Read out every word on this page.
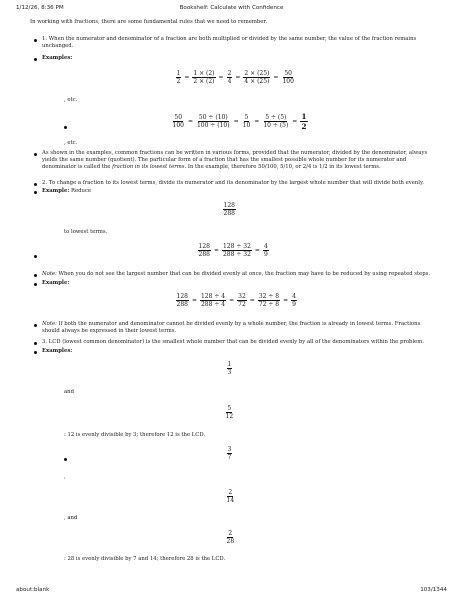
1/12/26, 8:36 PM	Bookshelf: Calculate with Confidence
In working with fractions, there are some fundamental rules that we need to remember.
1. When the numerator and denominator of a fraction are both multiplied or divided by the same number, the value of the fraction remains
unchanged.
Examples:
$\frac{1}{2} = \frac{1 \times (2)}{2 \times (2)} = \frac{2}{4} = \frac{2 \times (25)}{4 \times (25)} = \frac{50}{100}$
, etc.
$\frac{50}{100} = \frac{50 \div (10)}{100 \div (10)} = \frac{5}{10} = \frac{5 \div (5)}{10 \div (5)} = \frac{1}{2}$
, etc.
As shown in the examples, common fractions can be written in various forms, provided that the numerator, divided by the denominator, always
yields the same number (quotient). The particular form of a fraction that has the smallest possible whole number for its numerator and
denominator is called the fraction in its lowest terms. In the example, therefore 50/100, 5/10, or 2/4 is 1/2 in its lowest terms.
2. To change a fraction to its lowest terms, divide its numerator and its denominator by the largest whole number that will divide both evenly.
Example: Reduce
$\frac{128}{288}$
to lowest terms.
$\frac{128}{288} = \frac{128 \div 32}{288 \div 32} = \frac{4}{9}$
Note: When you do not see the largest number that can be divided evenly at once, the fraction may have to be reduced by using repeated steps.
Example:
$\frac{128}{288} = \frac{128 \div 4}{288 \div 4} = \frac{32}{72} = \frac{32 \div 8}{72 \div 8} = \frac{4}{9}$
Note: If both the numerator and denominator cannot be divided evenly by a whole number, the fraction is already in lowest terms. Fractions
should always be expressed in their lowest terms.
3. LCD (lowest common denominator) is the smallest whole number that can be divided evenly by all of the denominators within the problem.
Examples:
$\frac{1}{3}$
and
$\frac{5}{12}$
: 12 is evenly divisible by 3; therefore 12 is the LCD.
$\frac{3}{7}$
,
$\frac{2}{14}$
, and
$\frac{2}{28}$
: 28 is evenly divisible by 7 and 14; therefore 28 is the LCD.
about:blank	103/1344
